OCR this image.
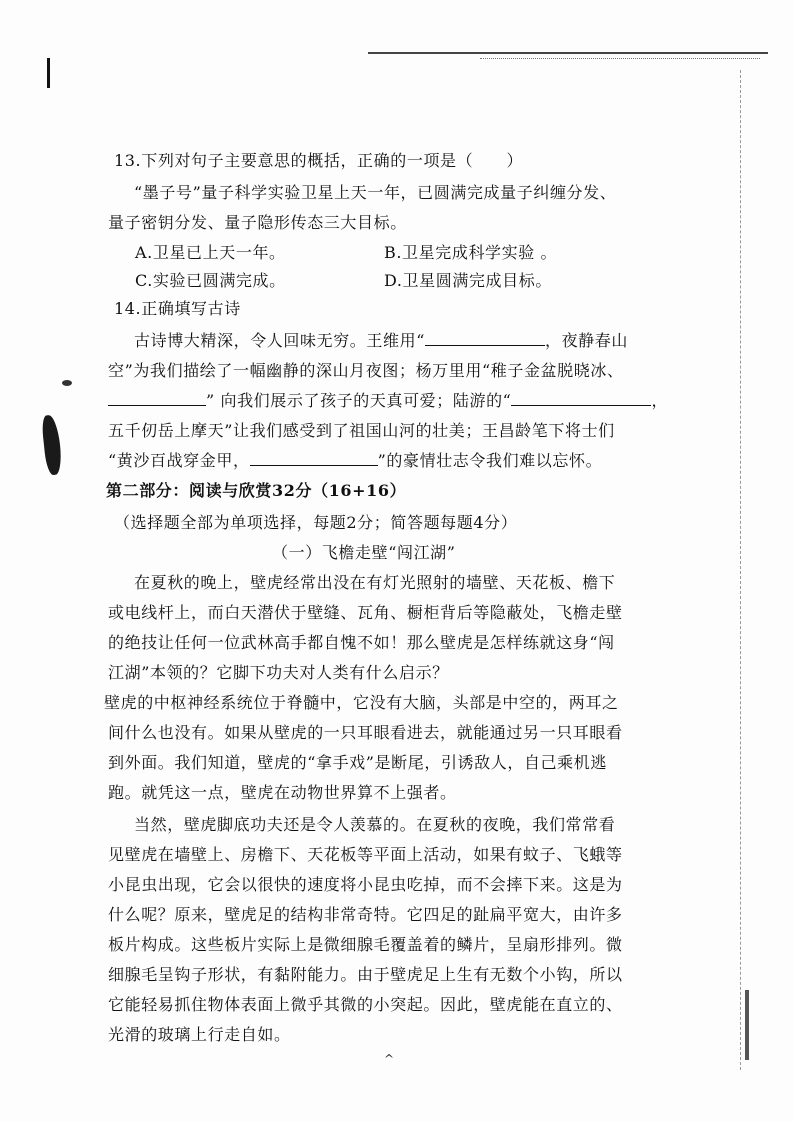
13.下列对句子主要意思的概括，正确的一项是（　　）
“墨子号”量子科学实验卫星上天一年，已圆满完成量子纠缠分发、
量子密钥分发、量子隐形传态三大目标。
A.卫星已上天一年。	B.卫星完成科学实验 。
C.实验已圆满完成。	D.卫星圆满完成目标。
14.正确填写古诗
古诗博大精深，令人回味无穷。王维用“	，夜静春山
空”为我们描绘了一幅幽静的深山月夜图；杨万里用“稚子金盆脱晓冰、
” 向我们展示了孩子的天真可爱；陆游的“	，
五千仞岳上摩天”让我们感受到了祖国山河的壮美；王昌龄笔下将士们
“黄沙百战穿金甲，	”的豪情壮志令我们难以忘怀。
第二部分：阅读与欣赏32分（16+16）
（选择题全部为单项选择，每题2分；简答题每题4分）
（一）飞檐走壁“闯江湖”
在夏秋的晚上，壁虎经常出没在有灯光照射的墙壁、天花板、檐下
或电线杆上，而白天潜伏于壁缝、瓦角、橱柜背后等隐蔽处，飞檐走壁
的绝技让任何一位武林高手都自愧不如！那么壁虎是怎样练就这身“闯
江湖”本领的？它脚下功夫对人类有什么启示？
壁虎的中枢神经系统位于脊髓中，它没有大脑，头部是中空的，两耳之
间什么也没有。如果从壁虎的一只耳眼看进去，就能通过另一只耳眼看
到外面。我们知道，壁虎的“拿手戏”是断尾，引诱敌人，自己乘机逃
跑。就凭这一点，壁虎在动物世界算不上强者。
当然，壁虎脚底功夫还是令人羡慕的。在夏秋的夜晚，我们常常看
见壁虎在墙壁上、房檐下、天花板等平面上活动，如果有蚊子、飞蛾等
小昆虫出现，它会以很快的速度将小昆虫吃掉，而不会摔下来。这是为
什么呢？原来，壁虎足的结构非常奇特。它四足的趾扁平宽大，由许多
板片构成。这些板片实际上是微细腺毛覆盖着的鳞片，呈扇形排列。微
细腺毛呈钩子形状，有黏附能力。由于壁虎足上生有无数个小钩，所以
它能轻易抓住物体表面上微乎其微的小突起。因此，壁虎能在直立的、
光滑的玻璃上行走自如。
^
